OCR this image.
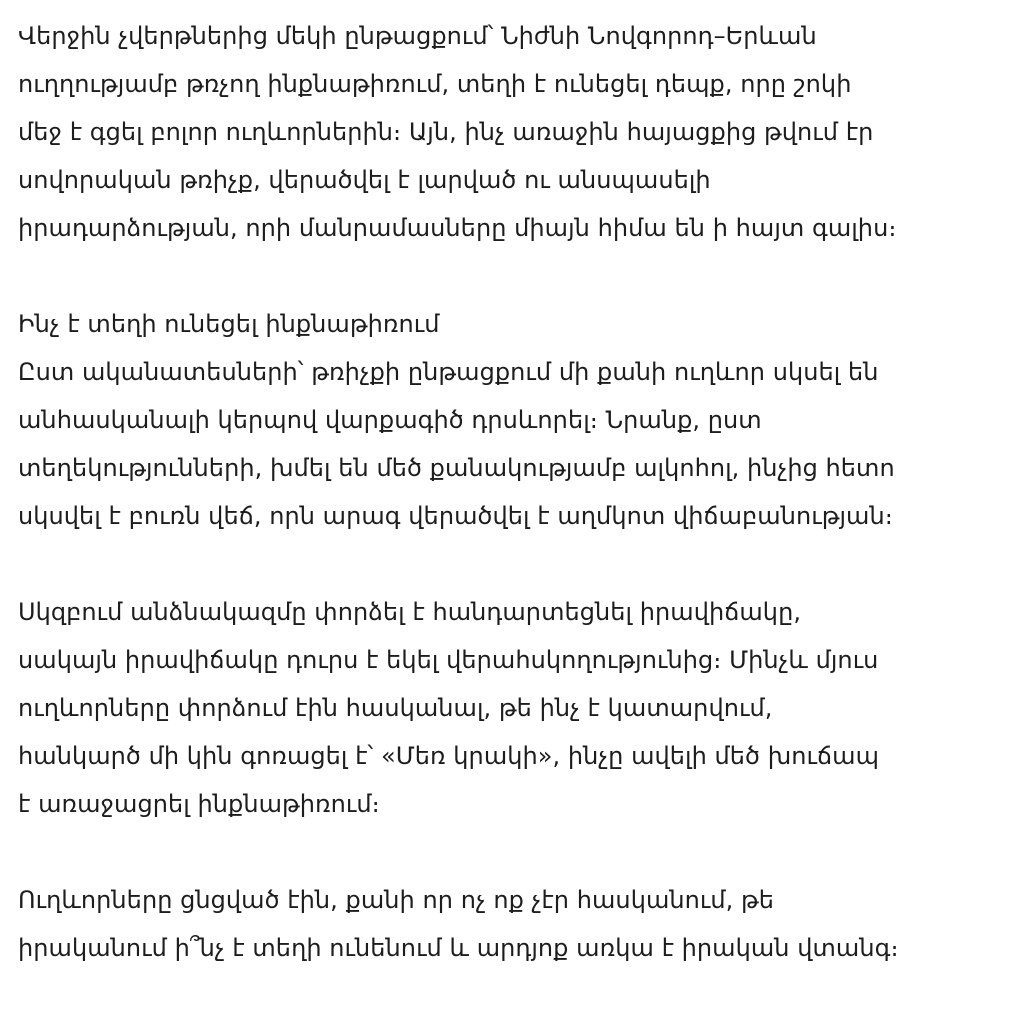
Վերջին չվերթներից մեկի ընթացքում՝ Նիժնի Նովգորոդ–Երևան
ուղղությամբ թռչող ինքնաթիռում, տեղի է ունեցել դեպք, որը շոկի
մեջ է գցել բոլոր ուղևորներին։ Այն, ինչ առաջին հայացքից թվում էր
սովորական թռիչք, վերածվել է լարված ու անսպասելի
իրադարձության, որի մանրամասները միայն հիմա են ի հայտ գալիս։

Ինչ է տեղի ունեցել ինքնաթիռում

Ըստ ականատեսների՝ թռիչքի ընթացքում մի քանի ուղևոր սկսել են
անհասկանալի կերպով վարքագիծ դրսևորել։ Նրանք, ըստ
տեղեկությունների, խմել են մեծ քանակությամբ ալկոհոլ, ինչից հետո
սկսվել է բուռն վեճ, որն արագ վերածվել է աղմկոտ վիճաբանության։

Սկզբում անձնակազմը փորձել է հանդարտեցնել իրավիճակը,
սակայն իրավիճակը դուրս է եկել վերահսկողությունից։ Մինչև մյուս
ուղևորները փորձում էին հասկանալ, թե ինչ է կատարվում,
հանկարծ մի կին գոռացել է՝ «Մեռ կրակի», ինչը ավելի մեծ խուճապ
է առաջացրել ինքնաթիռում։

Ուղևորները ցնցված էին, քանի որ ոչ ոք չէր հասկանում, թե
իրականում ի՞նչ է տեղի ունենում և արդյոք առկա է իրական վտանգ։
